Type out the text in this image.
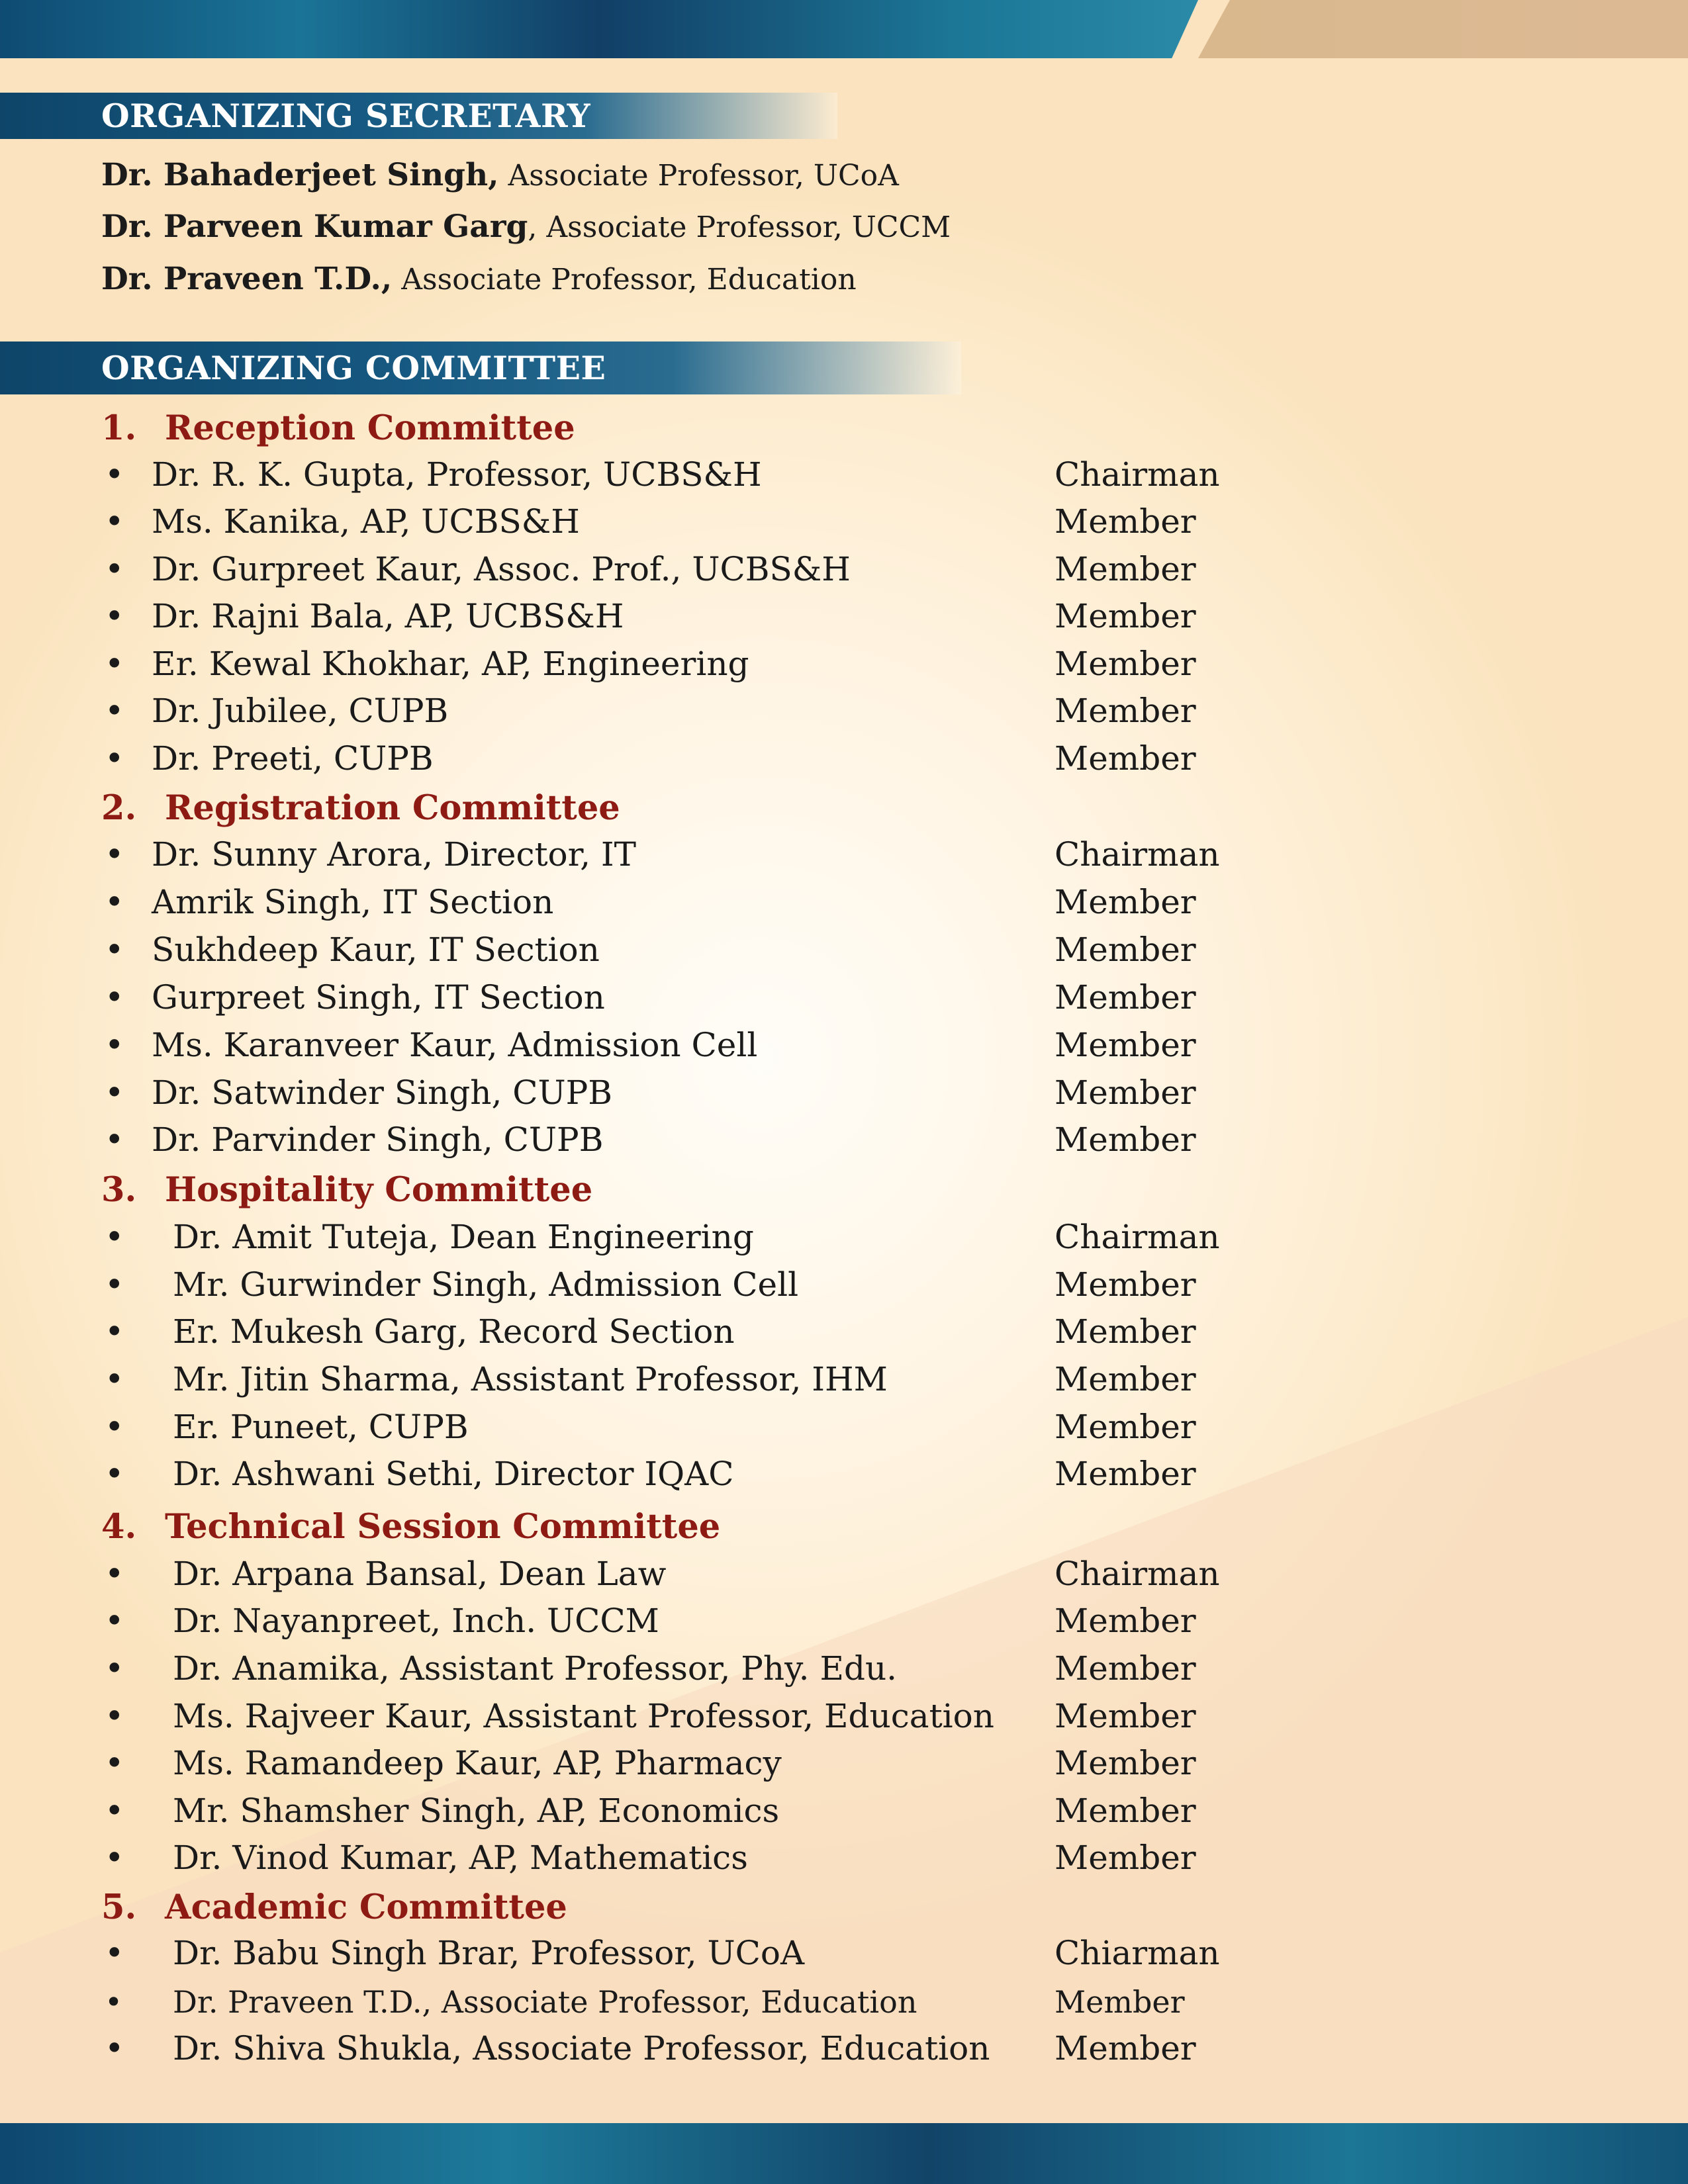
ORGANIZING SECRETARY
Dr. Bahaderjeet Singh, Associate Professor, UCoA
Dr. Parveen Kumar Garg, Associate Professor, UCCM
Dr. Praveen T.D., Associate Professor, Education
ORGANIZING COMMITTEE
1. Reception Committee
• Dr. R. K. Gupta, Professor, UCBS&H	Chairman
• Ms. Kanika, AP, UCBS&H	Member
• Dr. Gurpreet Kaur, Assoc. Prof., UCBS&H	Member
• Dr. Rajni Bala, AP, UCBS&H	Member
• Er. Kewal Khokhar, AP, Engineering	Member
• Dr. Jubilee, CUPB	Member
• Dr. Preeti, CUPB	Member
2. Registration Committee
• Dr. Sunny Arora, Director, IT	Chairman
• Amrik Singh, IT Section	Member
• Sukhdeep Kaur, IT Section	Member
• Gurpreet Singh, IT Section	Member
• Ms. Karanveer Kaur, Admission Cell	Member
• Dr. Satwinder Singh, CUPB	Member
• Dr. Parvinder Singh, CUPB	Member
3. Hospitality Committee
• Dr. Amit Tuteja, Dean Engineering	Chairman
• Mr. Gurwinder Singh, Admission Cell	Member
• Er. Mukesh Garg, Record Section	Member
• Mr. Jitin Sharma, Assistant Professor, IHM	Member
• Er. Puneet, CUPB	Member
• Dr. Ashwani Sethi, Director IQAC	Member
4. Technical Session Committee
• Dr. Arpana Bansal, Dean Law	Chairman
• Dr. Nayanpreet, Inch. UCCM	Member
• Dr. Anamika, Assistant Professor, Phy. Edu.	Member
• Ms. Rajveer Kaur, Assistant Professor, Education Member
• Ms. Ramandeep Kaur, AP, Pharmacy	Member
• Mr. Shamsher Singh, AP, Economics	Member
• Dr. Vinod Kumar, AP, Mathematics	Member
5. Academic Committee
• Dr. Babu Singh Brar, Professor, UCoA	Chiarman
• Dr. Praveen T.D., Associate Professor, Education	Member
• Dr. Shiva Shukla, Associate Professor, Education Member
